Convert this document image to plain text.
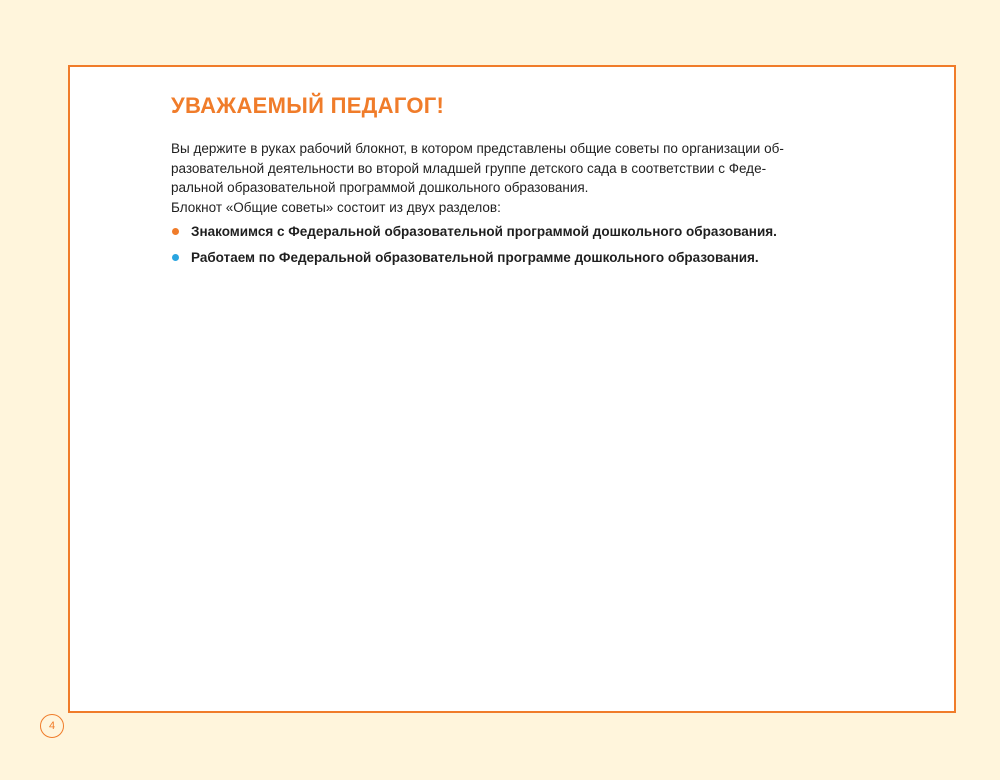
УВАЖАЕМЫЙ ПЕДАГОГ!

Вы держите в руках рабочий блокнот, в котором представлены общие советы по организации об-
разовательной деятельности во второй младшей группе детского сада в соответствии с Феде-
ральной образовательной программой дошкольного образования.
Блокнот «Общие советы» состоит из двух разделов:

Знакомимся с Федеральной образовательной программой дошкольного образования.
Работаем по Федеральной образовательной программе дошкольного образования.
4
